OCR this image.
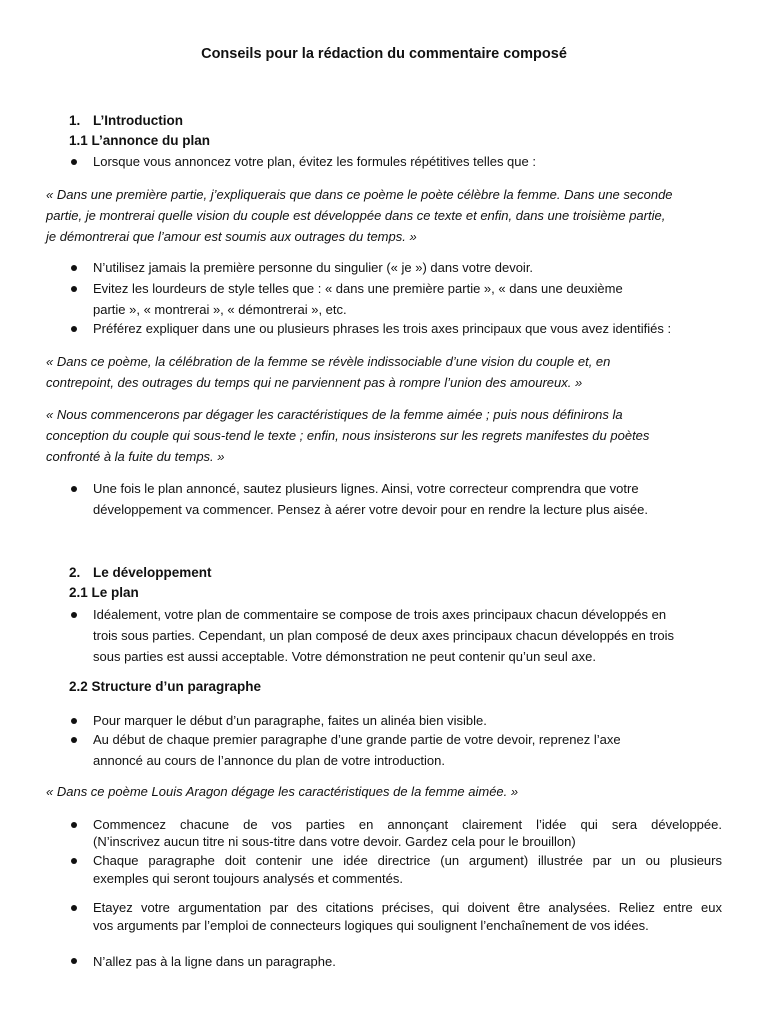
Conseils pour la rédaction du commentaire composé
1. L’Introduction
1.1 L’annonce du plan
Lorsque vous annoncez votre plan, évitez les formules répétitives telles que :
« Dans une première partie, j’expliquerais que dans ce poème le poète célèbre la femme. Dans une seconde
partie, je montrerai quelle vision du couple est développée dans ce texte et enfin, dans une troisième partie,
je démontrerai que l’amour est soumis aux outrages du temps. »
N’utilisez jamais la première personne du singulier (« je ») dans votre devoir.
Evitez les lourdeurs de style telles que : « dans une première partie », « dans une deuxième
partie », « montrerai », « démontrerai », etc.
Préférez expliquer dans une ou plusieurs phrases les trois axes principaux que vous avez identifiés :
« Dans ce poème, la célébration de la femme se révèle indissociable d’une vision du couple et, en
contrepoint, des outrages du temps qui ne parviennent pas à rompre l’union des amoureux. »
« Nous commencerons par dégager les caractéristiques de la femme aimée ; puis nous définirons la
conception du couple qui sous-tend le texte ; enfin, nous insisterons sur les regrets manifestes du poètes
confronté à la fuite du temps. »
Une fois le plan annoncé, sautez plusieurs lignes. Ainsi, votre correcteur comprendra que votre
développement va commencer. Pensez à aérer votre devoir pour en rendre la lecture plus aisée.
2. Le développement
2.1 Le plan
Idéalement, votre plan de commentaire se compose de trois axes principaux chacun développés en
trois sous parties. Cependant, un plan composé de deux axes principaux chacun développés en trois
sous parties est aussi acceptable. Votre démonstration ne peut contenir qu’un seul axe.
2.2 Structure d’un paragraphe
Pour marquer le début d’un paragraphe, faites un alinéa bien visible.
Au début de chaque premier paragraphe d’une grande partie de votre devoir, reprenez l’axe
annoncé au cours de l’annonce du plan de votre introduction.
« Dans ce poème Louis Aragon dégage les caractéristiques de la femme aimée. »
Commencez chacune de vos parties en annonçant clairement l’idée qui sera développée.
(N’inscrivez aucun titre ni sous-titre dans votre devoir. Gardez cela pour le brouillon)
Chaque paragraphe doit contenir une idée directrice (un argument) illustrée par un ou plusieurs
exemples qui seront toujours analysés et commentés.
Etayez votre argumentation par des citations précises, qui doivent être analysées. Reliez entre eux
vos arguments par l’emploi de connecteurs logiques qui soulignent l’enchaînement de vos idées.
N’allez pas à la ligne dans un paragraphe.
